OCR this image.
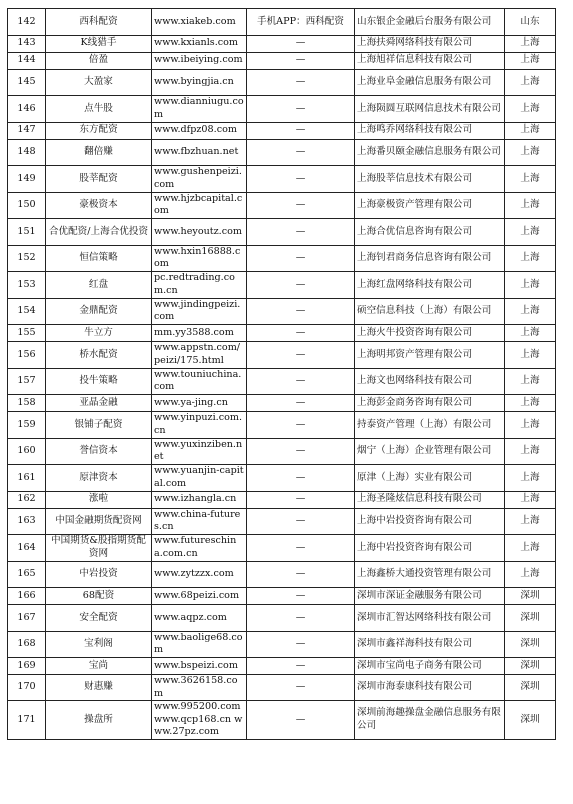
142	西科配资	www.xiakeb.com	手机APP：西科配资	山东银企金融后台服务有限公司	山东
143	K线猎手	www.kxianls.com	—	上海扶舜网络科技有限公司	上海
144	倍盈	www.ibeiying.com	—	上海旭祥信息科技有限公司	上海
145	大盈家	www.byingjia.cn	—	上海业阜金融信息服务有限公司	上海
146	点牛股	www.dianniugu.com	—	上海陨圆互联网信息技术有限公司	上海
147	东方配资	www.dfpz08.com	—	上海鸣乔网络科技有限公司	上海
148	翻倍赚	www.fbzhuan.net	—	上海番贝颐金融信息服务有限公司	上海
149	股莘配资	www.gushenpeizi.com	—	上海股莘信息技术有限公司	上海
150	豪极资本	www.hjzbcapital.com	—	上海豪极资产管理有限公司	上海
151	合优配资/上海合优投资	www.heyoutz.com	—	上海合优信息咨询有限公司	上海
152	恒信策略	www.hxin16888.com	—	上海钊君商务信息咨询有限公司	上海
153	红盘	pc.redtrading.com.cn	—	上海红盘网络科技有限公司	上海
154	金鼎配资	www.jindingpeizi.com	—	硕空信息科技（上海）有限公司	上海
155	牛立方	mm.yy3588.com	—	上海火牛投资咨询有限公司	上海
156	桥水配资	www.appstn.com/peizi/175.html	—	上海明邦资产管理有限公司	上海
157	投牛策略	www.touniuchina.com	—	上海文也网络科技有限公司	上海
158	亚晶金融	www.ya-jing.cn	—	上海彭金商务咨询有限公司	上海
159	银铺子配资	www.yinpuzi.com.cn	—	持泰资产管理（上海）有限公司	上海
160	誉信资本	www.yuxinziben.net	—	烟宁（上海）企业管理有限公司	上海
161	原津资本	www.yuanjin-capital.com	—	原津（上海）实业有限公司	上海
162	涨啦	www.izhangla.cn	—	上海圣隆炫信息科技有限公司	上海
163	中国金融期货配资网	www.china-futures.cn	—	上海中岩投资咨询有限公司	上海
164	中国期货&股指期货配资网	www.futureschina.com.cn	—	上海中岩投资咨询有限公司	上海
165	中岩投资	www.zytzzx.com	—	上海鑫桥大通投资管理有限公司	上海
166	68配资	www.68peizi.com	—	深圳市深证金融服务有限公司	深圳
167	安全配资	www.aqpz.com	—	深圳市汇智达网络科技有限公司	深圳
168	宝利阁	www.baolige68.com	—	深圳市鑫祥海科技有限公司	深圳
169	宝尚	www.bspeizi.com	—	深圳市宝尚电子商务有限公司	深圳
170	财惠赚	www.3626158.com	—	深圳市海泰康科技有限公司	深圳
171	操盘所	www.995200.com www.qcp168.cn www.27pz.com	—	深圳前海趣操盘金融信息服务有限公司	深圳
